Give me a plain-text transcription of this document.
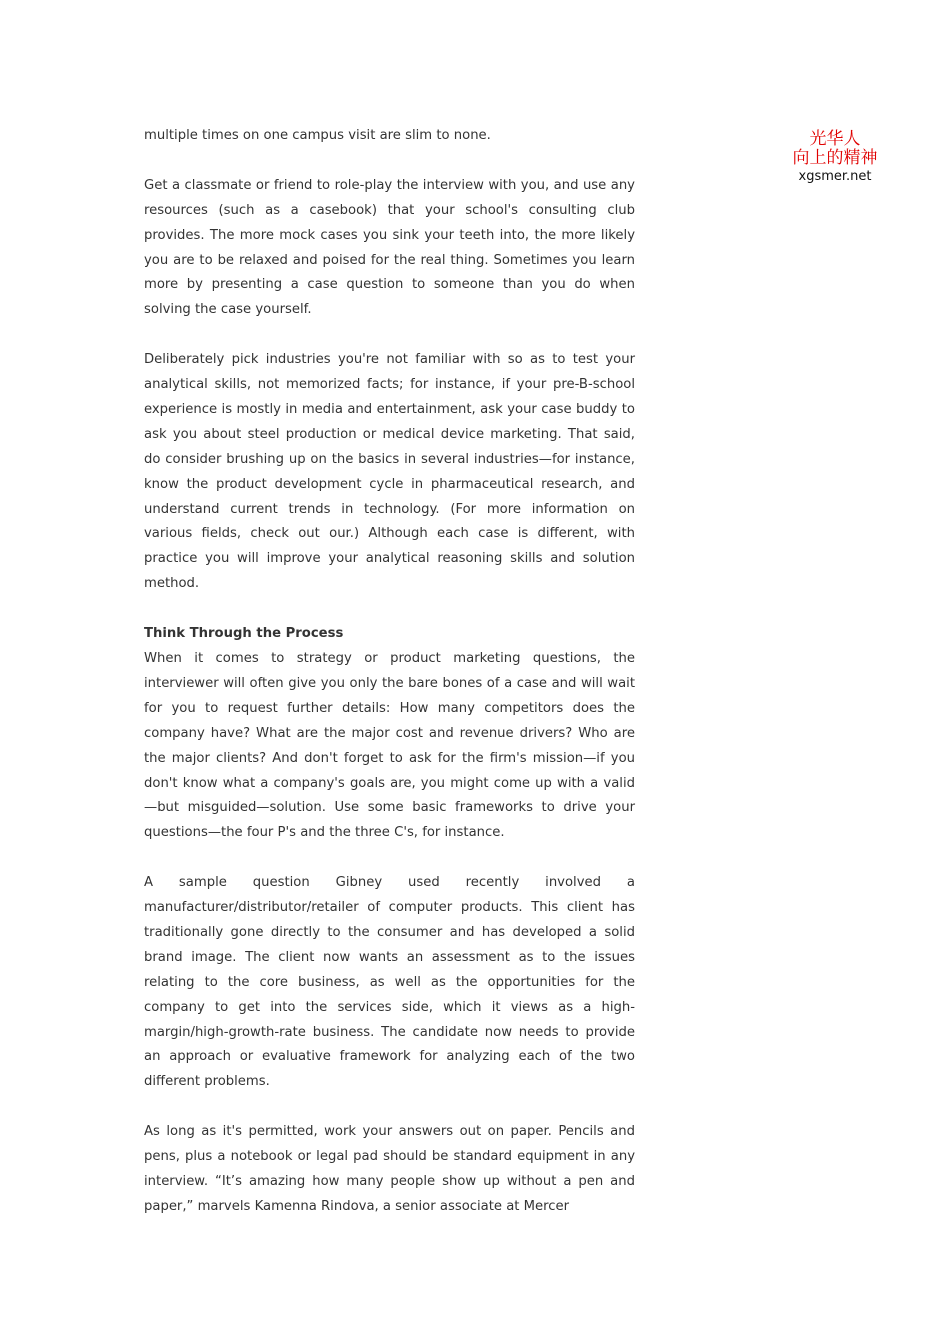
光华人
向上的精神
xgsmer.net

multiple times on one campus visit are slim to none.

Get a classmate or friend to role-play the interview with you, and use any resources (such as a casebook) that your school's consulting club provides. The more mock cases you sink your teeth into, the more likely you are to be relaxed and poised for the real thing. Sometimes you learn more by presenting a case question to someone than you do when solving the case yourself.

Deliberately pick industries you're not familiar with so as to test your analytical skills, not memorized facts; for instance, if your pre-B-school experience is mostly in media and entertainment, ask your case buddy to ask you about steel production or medical device marketing. That said, do consider brushing up on the basics in several industries—for instance, know the product development cycle in pharmaceutical research, and understand current trends in technology. (For more information on various fields, check out our.) Although each case is different, with practice you will improve your analytical reasoning skills and solution method.

Think Through the Process

When it comes to strategy or product marketing questions, the interviewer will often give you only the bare bones of a case and will wait for you to request further details: How many competitors does the company have? What are the major cost and revenue drivers? Who are the major clients? And don't forget to ask for the firm's mission—if you don't know what a company's goals are, you might come up with a valid—but misguided—solution. Use some basic frameworks to drive your questions—the four P's and the three C's, for instance.

A sample question Gibney used recently involved a manufacturer/distributor/retailer of computer products. This client has traditionally gone directly to the consumer and has developed a solid brand image. The client now wants an assessment as to the issues relating to the core business, as well as the opportunities for the company to get into the services side, which it views as a high-margin/high-growth-rate business. The candidate now needs to provide an approach or evaluative framework for analyzing each of the two different problems.

As long as it's permitted, work your answers out on paper. Pencils and pens, plus a notebook or legal pad should be standard equipment in any interview. “It’s amazing how many people show up without a pen and paper,” marvels Kamenna Rindova, a senior associate at Mercer
